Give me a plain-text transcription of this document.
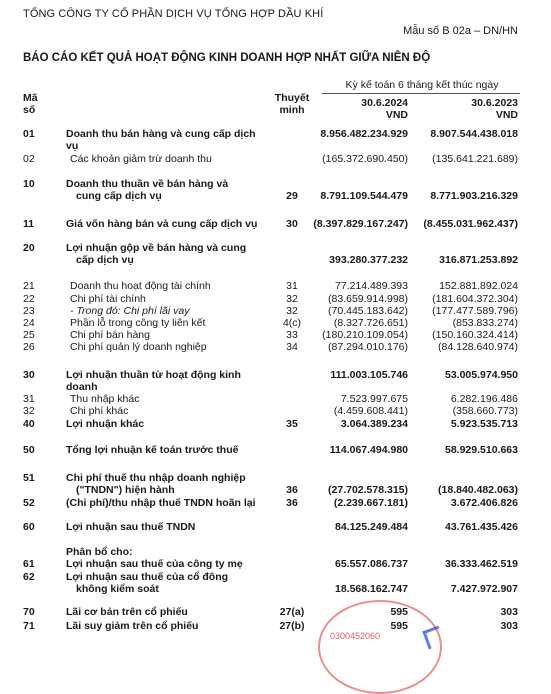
TỔNG CÔNG TY CỔ PHẦN DỊCH VỤ TỔNG HỢP DẦU KHÍ
Mẫu số B 02a – DN/HN
BÁO CÁO KẾT QUẢ HOẠT ĐỘNG KINH DOANH HỢP NHẤT GIỮA NIÊN ĐỘ
Mã
số
Thuyết
minh
Kỳ kế toán 6 tháng kết thúc ngày
30.6.2024
VND
30.6.2023
VND
01	Doanh thu bán hàng và cung cấp dịch vụ
8.956.482.234.929	8.907.544.438.018
02	Các khoản giảm trừ doanh thu	(165.372.690.450)	(135.641.221.689)
10	Doanh thu thuần về bán hàng và
cung cấp dịch vụ	29	8.791.109.544.479	8.771.903.216.329
11	Giá vốn hàng bán và cung cấp dịch vụ	30	(8.397.829.167.247)	(8.455.031.962.437)
20	Lợi nhuận gộp về bán hàng và cung
cấp dịch vụ	393.280.377.232	316.871.253.892
21	Doanh thu hoạt động tài chính	31	77.214.489.393	152.881.892.024
22	Chi phí tài chính	32	(83.659.914.998)	(181.604.372.304)
23	- Trong đó: Chi phí lãi vay	32	(70.445.183.642)	(177.477.589.796)
24	Phần lỗ trong công ty liên kết	4(c)	(8.327.726.651)	(853.833.274)
25	Chi phí bán hàng	33	(180.210.109.054)	(150.160.324.414)
26	Chi phí quản lý doanh nghiệp	34	(87.294.010.176)	(84.128.640.974)
30	Lợi nhuận thuần từ hoạt động kinh doanh
111.003.105.746	53.005.974.950
31	Thu nhập khác	7.523.997.675	6.282.196.486
32	Chi phí khác	(4.459.608.441)	(358.660.773)
40	Lợi nhuận khác	35	3.064.389.234	5.923.535.713
50	Tổng lợi nhuận kế toán trước thuế	114.067.494.980	58.929.510.663
51	Chi phí thuế thu nhập doanh nghiệp
("TNDN") hiện hành	36	(27.702.578.315)	(18.840.482.063)
52	(Chi phí)/thu nhập thuế TNDN hoãn lại	36	(2.239.667.181)	3.672.406.826
60	Lợi nhuận sau thuế TNDN	84.125.249.484	43.761.435.426
Phân bổ cho:
61	Lợi nhuận sau thuế của công ty mẹ	65.557.086.737	36.333.462.519
62	Lợi nhuận sau thuế của cổ đông
không kiểm soát	18.568.162.747	7.427.972.907
70	Lãi cơ bản trên cổ phiếu	27(a)	595	303
71	Lãi suy giảm trên cổ phiếu	27(b)	595	303
0300452060
